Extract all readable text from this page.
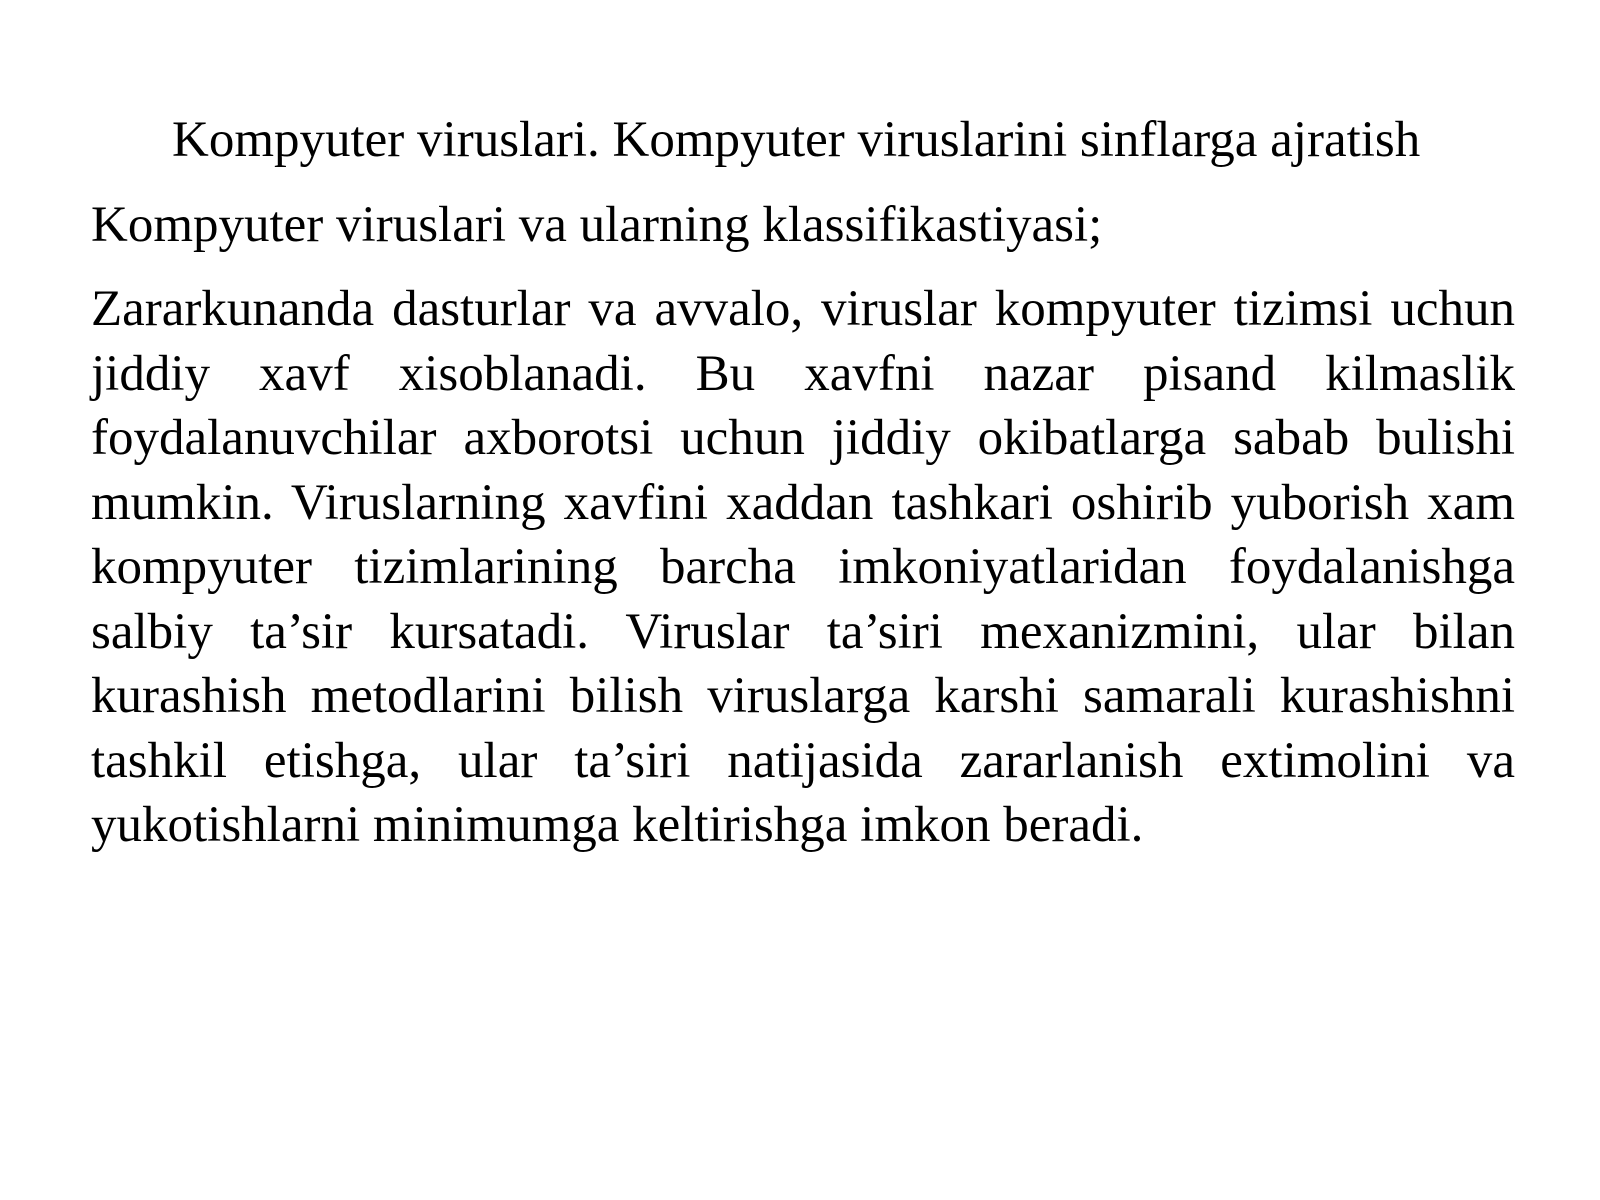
Kompyuter viruslari. Kompyuter viruslarini sinflarga ajratish
Kompyuter viruslari va ularning klassifikastiyasi;

Zararkunanda dasturlar va avvalo, viruslar kompyuter tizimsi uchun jiddiy xavf xisoblanadi. Bu xavfni nazar pisand kilmaslik foydalanuvchilar axborotsi uchun jiddiy okibatlarga sabab bulishi mumkin. Viruslarning xavfini xaddan tashkari oshirib yuborish xam kompyuter tizimlarining barcha imkoniyatlaridan foydalanishga salbiy ta’sir kursatadi. Viruslar ta’siri mexanizmini, ular bilan kurashish metodlarini bilish viruslarga karshi samarali kurashishni tashkil etishga, ular ta’siri natijasida zararlanish extimolini va yukotishlarni minimumga keltirishga imkon beradi.
